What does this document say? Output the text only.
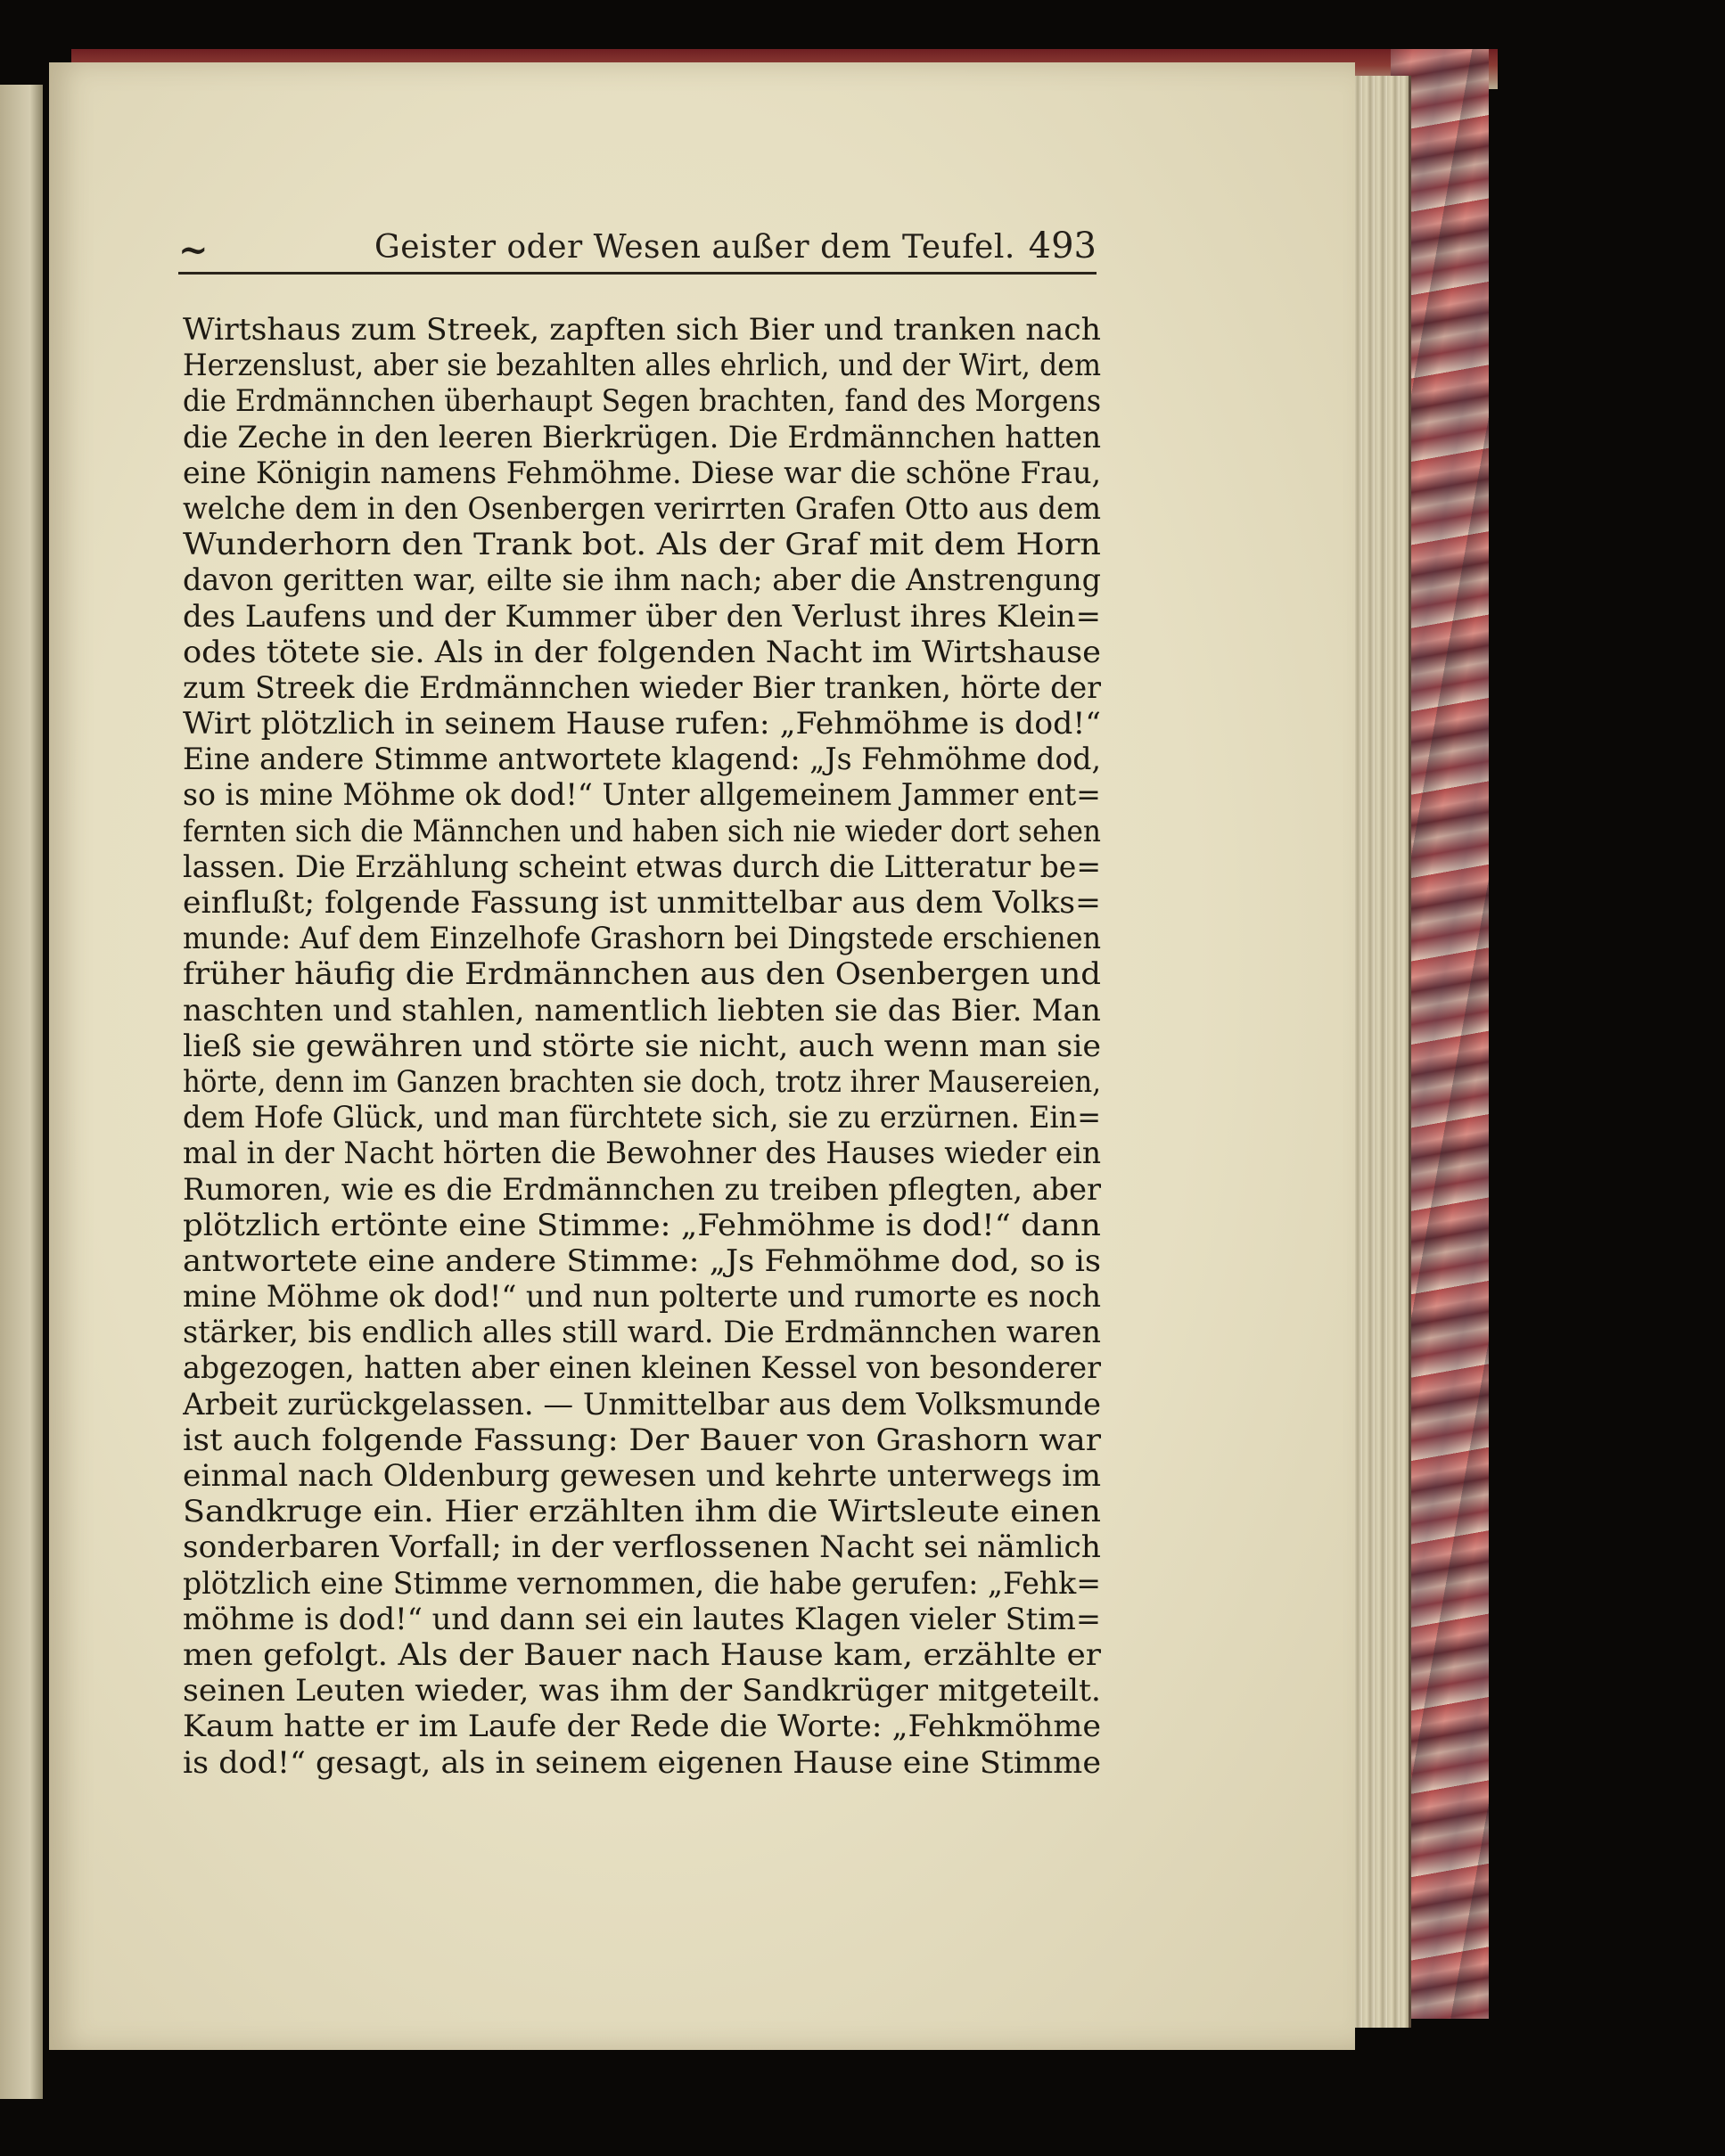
~	Geister oder Wesen außer dem Teufel. 493
Wirtshaus zum Streek, zapften sich Bier und tranken nach
Herzenslust, aber sie bezahlten alles ehrlich, und der Wirt, dem
die Erdmännchen überhaupt Segen brachten, fand des Morgens
die Zeche in den leeren Bierkrügen. Die Erdmännchen hatten
eine Königin namens Fehmöhme. Diese war die schöne Frau,
welche dem in den Osenbergen verirrten Grafen Otto aus dem
Wunderhorn den Trank bot. Als der Graf mit dem Horn
davon geritten war, eilte sie ihm nach; aber die Anstrengung
des Laufens und der Kummer über den Verlust ihres Klein=
odes tötete sie. Als in der folgenden Nacht im Wirtshause
zum Streek die Erdmännchen wieder Bier tranken, hörte der
Wirt plötzlich in seinem Hause rufen: „Fehmöhme is dod!“
Eine andere Stimme antwortete klagend: „Js Fehmöhme dod,
so is mine Möhme ok dod!“ Unter allgemeinem Jammer ent=
fernten sich die Männchen und haben sich nie wieder dort sehen
lassen. Die Erzählung scheint etwas durch die Litteratur be=
einflußt; folgende Fassung ist unmittelbar aus dem Volks=
munde: Auf dem Einzelhofe Grashorn bei Dingstede erschienen
früher häufig die Erdmännchen aus den Osenbergen und
naschten und stahlen, namentlich liebten sie das Bier. Man
ließ sie gewähren und störte sie nicht, auch wenn man sie
hörte, denn im Ganzen brachten sie doch, trotz ihrer Mausereien,
dem Hofe Glück, und man fürchtete sich, sie zu erzürnen. Ein=
mal in der Nacht hörten die Bewohner des Hauses wieder ein
Rumoren, wie es die Erdmännchen zu treiben pflegten, aber
plötzlich ertönte eine Stimme: „Fehmöhme is dod!“ dann
antwortete eine andere Stimme: „Js Fehmöhme dod, so is
mine Möhme ok dod!“ und nun polterte und rumorte es noch
stärker, bis endlich alles still ward. Die Erdmännchen waren
abgezogen, hatten aber einen kleinen Kessel von besonderer
Arbeit zurückgelassen. — Unmittelbar aus dem Volksmunde
ist auch folgende Fassung: Der Bauer von Grashorn war
einmal nach Oldenburg gewesen und kehrte unterwegs im
Sandkruge ein. Hier erzählten ihm die Wirtsleute einen
sonderbaren Vorfall; in der verflossenen Nacht sei nämlich
plötzlich eine Stimme vernommen, die habe gerufen: „Fehk=
möhme is dod!“ und dann sei ein lautes Klagen vieler Stim=
men gefolgt. Als der Bauer nach Hause kam, erzählte er
seinen Leuten wieder, was ihm der Sandkrüger mitgeteilt.
Kaum hatte er im Laufe der Rede die Worte: „Fehkmöhme
is dod!“ gesagt, als in seinem eigenen Hause eine Stimme
